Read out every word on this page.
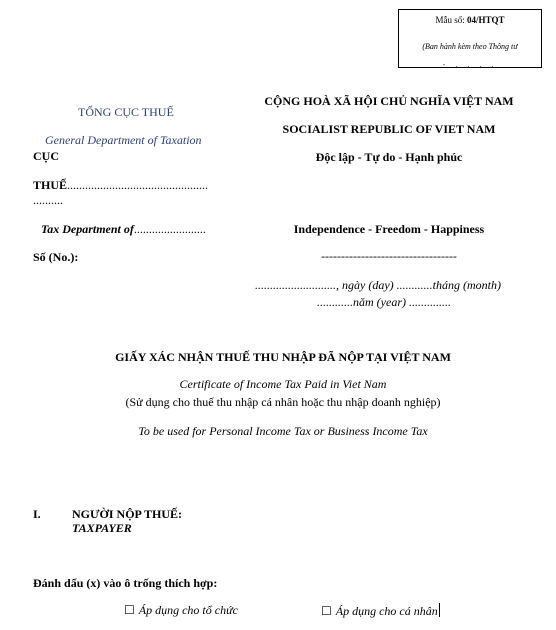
Mẫu số: 04/HTQT
(Ban hành kèm theo Thông tư
- . . . .
TỔNG CỤC THUẾ
General Department of Taxation
CỤC
THUẾ...............................................
..........
Tax Department of........................
Số (No.):
CỘNG HOÀ XÃ HỘI CHỦ NGHĨA VIỆT NAM
SOCIALIST REPUBLIC OF VIET NAM
Độc lập - Tự do - Hạnh phúc
Independence - Freedom - Happiness
----------------------------------
..........................., ngày (day) ............tháng (month)
............năm (year) ..............
GIẤY XÁC NHẬN THUẾ THU NHẬP ĐÃ NỘP TẠI VIỆT NAM
Certificate of Income Tax Paid in Viet Nam
(Sử dụng cho thuế thu nhập cá nhân hoặc thu nhập doanh nghiệp)
To be used for Personal Income Tax or Business Income Tax
I.	NGƯỜI NỘP THUẾ:
TAXPAYER
Đánh dấu (x) vào ô trống thích hợp:
☐ Áp dụng cho tổ chức	☐ Áp dụng cho cá nhân
